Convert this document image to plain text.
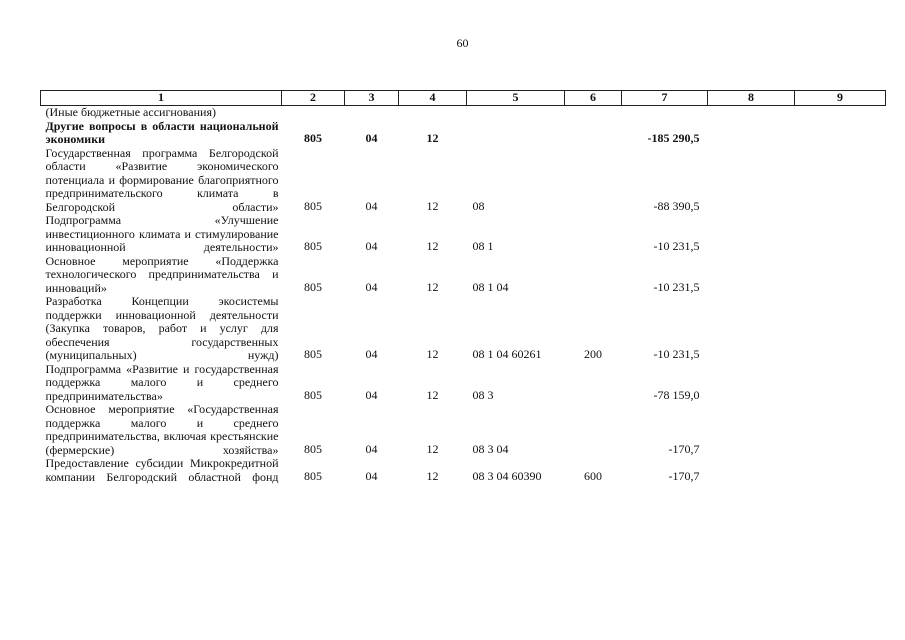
60
1	2	3	4	5	6	7	8	9
(Иные бюджетные ассигнования)								
Другие вопросы в области национальной экономики	805	04	12			-185 290,5		
Государственная программа Белгородской области «Развитие экономического потенциала и формирование благоприятного предпринимательского климата в Белгородской области»	805	04	12	08		-88 390,5		
Подпрограмма «Улучшение инвестиционного климата и стимулирование инновационной деятельности»	805	04	12	08 1		-10 231,5		
Основное мероприятие «Поддержка технологического предпринимательства и инноваций»	805	04	12	08 1 04		-10 231,5		
Разработка Концепции экосистемы поддержки инновационной деятельности (Закупка товаров, работ и услуг для обеспечения государственных (муниципальных) нужд)	805	04	12	08 1 04 60261	200	-10 231,5		
Подпрограмма «Развитие и государственная поддержка малого и среднего предпринимательства»	805	04	12	08 3		-78 159,0		
Основное мероприятие «Государственная поддержка малого и среднего предпринимательства, включая крестьянские (фермерские) хозяйства»	805	04	12	08 3 04		-170,7		
Предоставление субсидии Микрокредитной компании Белгородский областной фонд	805	04	12	08 3 04 60390	600	-170,7		
